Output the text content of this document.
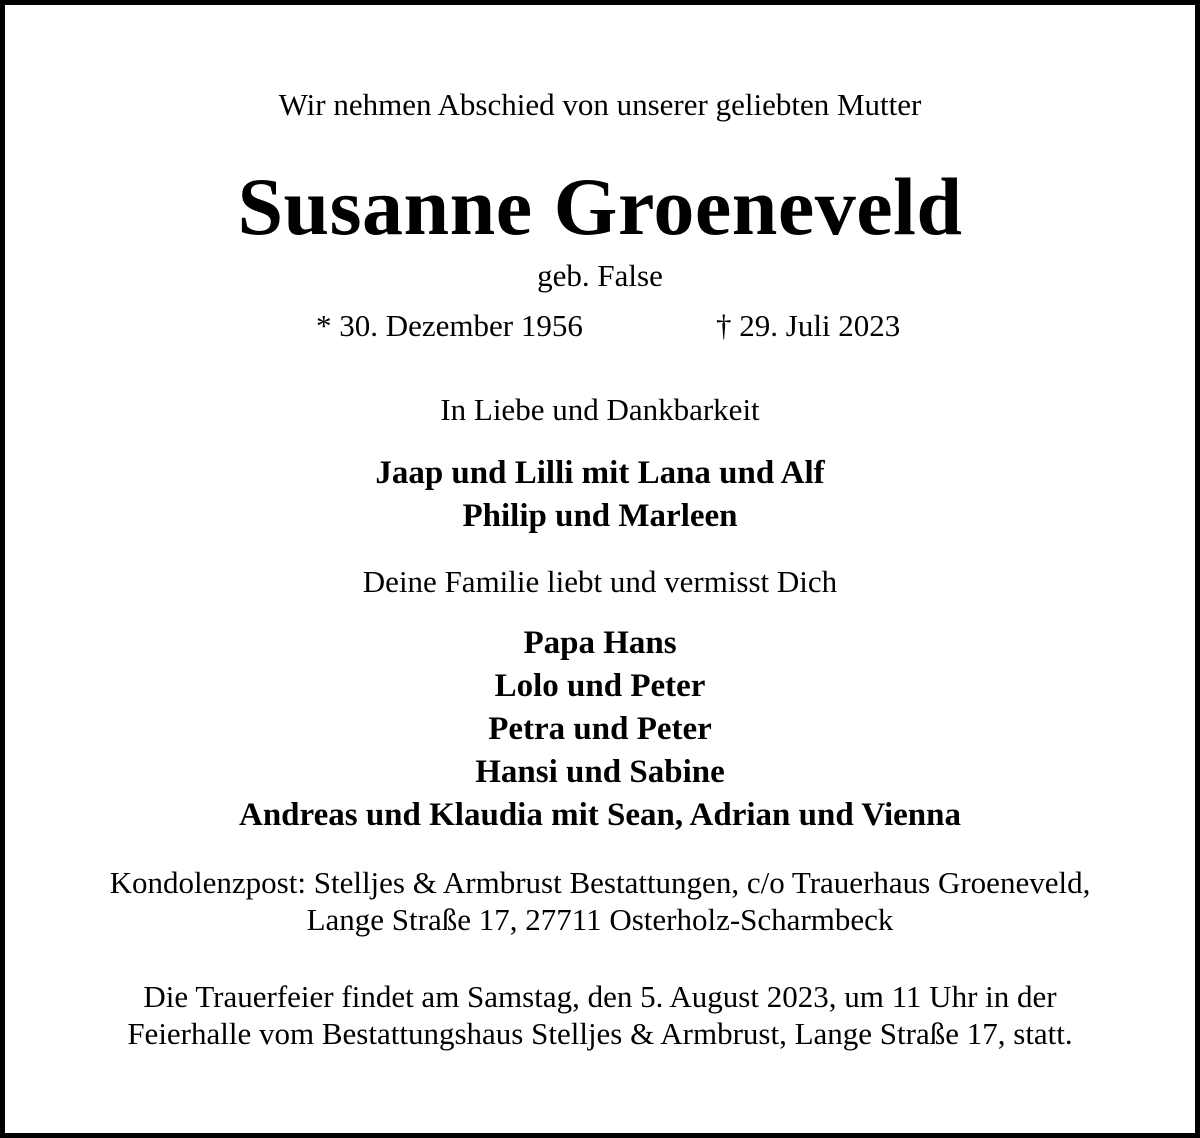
Wir nehmen Abschied von unserer geliebten Mutter
Susanne Groeneveld
geb. False
* 30. Dezember 1956	† 29. Juli 2023
In Liebe und Dankbarkeit
Jaap und Lilli mit Lana und Alf
Philip und Marleen
Deine Familie liebt und vermisst Dich
Papa Hans
Lolo und Peter
Petra und Peter
Hansi und Sabine
Andreas und Klaudia mit Sean, Adrian und Vienna
Kondolenzpost: Stelljes & Armbrust Bestattungen, c/o Trauerhaus Groeneveld,
Lange Straße 17, 27711 Osterholz-Scharmbeck
Die Trauerfeier findet am Samstag, den 5. August 2023, um 11 Uhr in der
Feierhalle vom Bestattungshaus Stelljes & Armbrust, Lange Straße 17, statt.
